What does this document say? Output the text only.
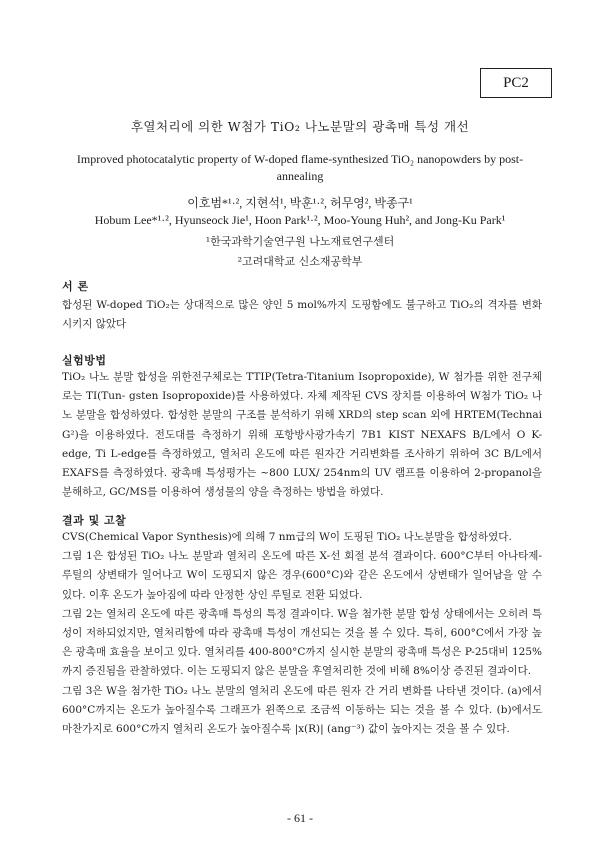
PC2
후열처리에 의한 W첨가 TiO₂ 나노분말의 광촉매 특성 개선
Improved photocatalytic property of W-doped flame-synthesized TiO₂ nanopowders by post-annealing
이호범*¹·², 지현석¹, 박훈¹·², 허무영², 박종구¹
Hobum Lee*¹·², Hyunseock Jie¹, Hoon Park¹·², Moo-Young Huh², and Jong-Ku Park¹
¹한국과학기술연구원 나노재료연구센터
²고려대학교 신소재공학부
서 론

합성된 W-doped TiO₂는 상대적으로 많은 양인 5 mol%까지 도핑함에도 불구하고 TiO₂의 격자를 변화시키지 않았다

실험방법

TiO₂ 나노 분말 합성을 위한전구체로는 TTIP(Tetra-Titanium Isopropoxide), W 첨가를 위한 전구체로는 TI(Tun- gsten Isopropoxide)를 사용하였다. 자체 제작된 CVS 장치를 이용하여 W첨가 TiO₂ 나노 분말을 합성하였다. 합성한 분말의 구조를 분석하기 위해 XRD의 step scan 외에 HRTEM(Technai G²)을 이용하였다. 전도대를 측정하기 위해 포항방사광가속기 7B1 KIST NEXAFS B/L에서 O K-edge, Ti L-edge를 측정하였고, 열처리 온도에 따른 원자간 거리변화를 조사하기 위하여 3C B/L에서 EXAFS를 측정하였다. 광촉매 특성평가는 ~800 LUX/ 254nm의 UV 램프를 이용하여 2-propanol을 분해하고, GC/MS를 이용하여 생성물의 양을 측정하는 방법을 하였다.

결과 및 고찰

CVS(Chemical Vapor Synthesis)에 의해 7 nm급의 W이 도핑된 TiO₂ 나노분말을 합성하였다.

그림 1은 합성된 TiO₂ 나노 분말과 열처리 온도에 따른 X-선 회절 분석 결과이다. 600°C부터 아나타제-루틸의 상변태가 일어나고 W이 도핑되지 않은 경우(600°C)와 같은 온도에서 상변태가 일어남을 알 수 있다. 이후 온도가 높아짐에 따라 안정한 상인 루틸로 전환 되었다.

그림 2는 열처리 온도에 따른 광촉매 특성의 특정 결과이다. W을 첨가한 분말 합성 상태에서는 오히려 특성이 저하되었지만, 열처리함에 따라 광촉매 특성이 개선되는 것을 볼 수 있다. 특히, 600°C에서 가장 높은 광촉매 효율을 보이고 있다. 열처리를 400-800°C까지 실시한 분말의 광촉매 특성은 P-25대비 125%까지 증진됨을 관찰하였다. 이는 도핑되지 않은 분말을 후열처리한 것에 비해 8%이상 증진된 결과이다.

그림 3은 W을 첨가한 TiO₂ 나노 분말의 열처리 온도에 따른 원자 간 거리 변화를 나타낸 것이다. (a)에서 600°C까지는 온도가 높아질수록 그래프가 왼쪽으로 조금씩 이동하는 되는 것을 볼 수 있다. (b)에서도 마찬가지로 600°C까지 열처리 온도가 높아질수록 |x(R)| (ang⁻³) 값이 높아지는 것을 볼 수 있다.

- 61 -
